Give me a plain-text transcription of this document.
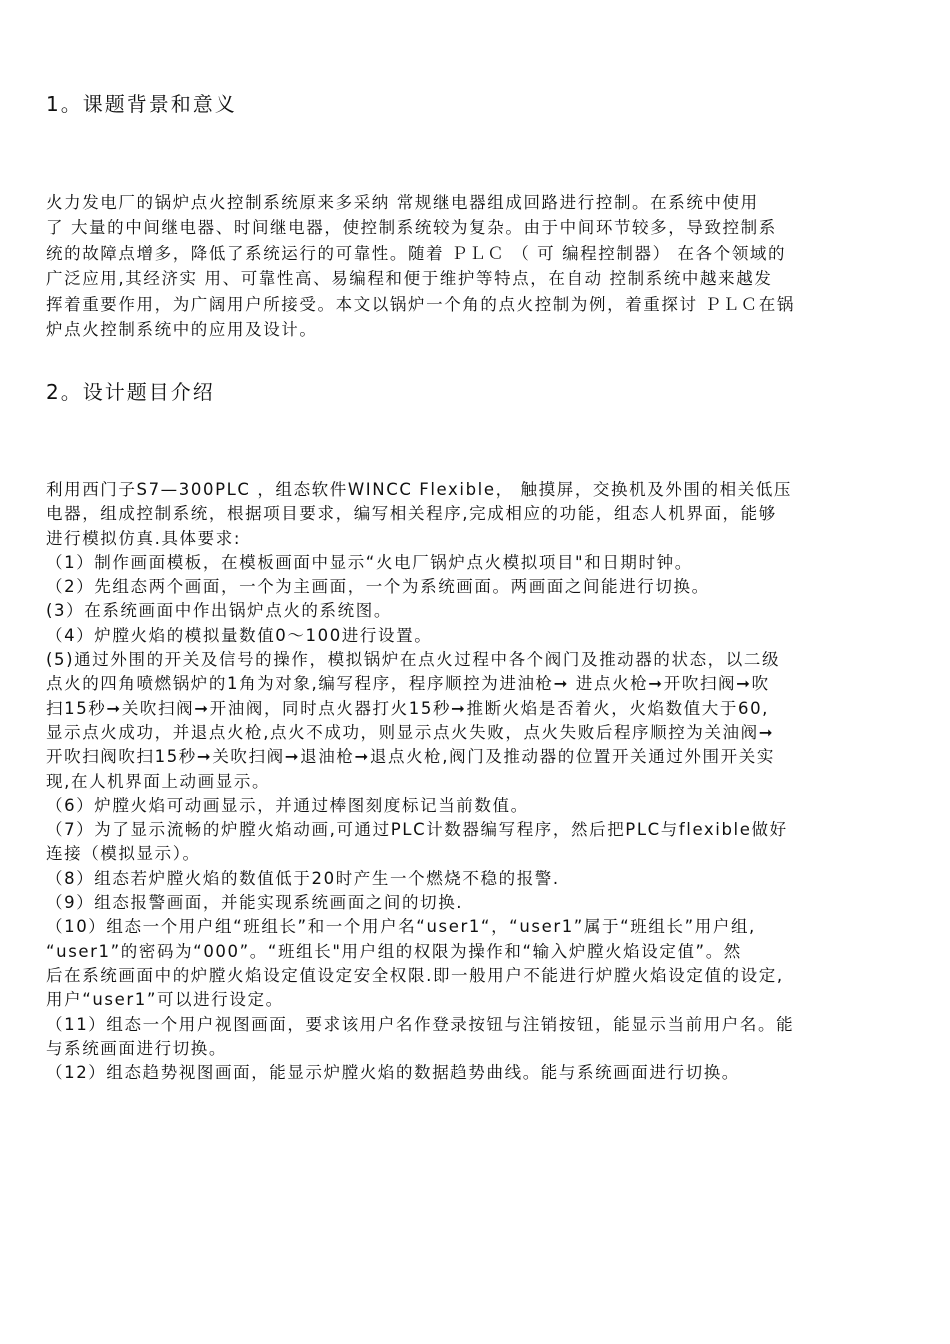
1。课题背景和意义
火力发电厂的锅炉点火控制系统原来多采纳 常规继电器组成回路进行控制。在系统中使用
了 大量的中间继电器、时间继电器，使控制系统较为复杂。由于中间环节较多，导致控制系
统的故障点增多，降低了系统运行的可靠性。随着 ＰＬＣ （ 可 编程控制器） 在各个领域的
广泛应用,其经济实 用、可靠性高、易编程和便于维护等特点，在自动 控制系统中越来越发
挥着重要作用，为广阔用户所接受。本文以锅炉一个角的点火控制为例，着重探讨 ＰＬＣ在锅
炉点火控制系统中的应用及设计。
2。设计题目介绍
利用西门子S7—300PLC ，组态软件WINCC Flexible， 触摸屏，交换机及外围的相关低压
电器，组成控制系统，根据项目要求，编写相关程序,完成相应的功能，组态人机界面，能够
进行模拟仿真.具体要求:
（1）制作画面模板，在模板画面中显示“火电厂锅炉点火模拟项目"和日期时钟。
（2）先组态两个画面，一个为主画面，一个为系统画面。两画面之间能进行切换。
(3）在系统画面中作出锅炉点火的系统图。
（4）炉膛火焰的模拟量数值0～100进行设置。
(5)通过外围的开关及信号的操作，模拟锅炉在点火过程中各个阀门及推动器的状态，以二级
点火的四角喷燃锅炉的1角为对象,编写程序，程序顺控为进油枪➞ 进点火枪➞开吹扫阀➞吹
扫15秒➞关吹扫阀➞开油阀，同时点火器打火15秒➞推断火焰是否着火，火焰数值大于60,
显示点火成功，并退点火枪,点火不成功，则显示点火失败，点火失败后程序顺控为关油阀➞
开吹扫阀吹扫15秒➞关吹扫阀➞退油枪➞退点火枪,阀门及推动器的位置开关通过外围开关实
现,在人机界面上动画显示。
（6）炉膛火焰可动画显示，并通过棒图刻度标记当前数值。
（7）为了显示流畅的炉膛火焰动画,可通过PLC计数器编写程序，然后把PLC与flexible做好
连接（模拟显示）。
（8）组态若炉膛火焰的数值低于20时产生一个燃烧不稳的报警.
（9）组态报警画面，并能实现系统画面之间的切换.
（10）组态一个用户组“班组长”和一个用户名“user1“，“user1”属于“班组长”用户组,
“user1”的密码为“000”。“班组长"用户组的权限为操作和“输入炉膛火焰设定值”。然
后在系统画面中的炉膛火焰设定值设定安全权限.即一般用户不能进行炉膛火焰设定值的设定,
用户“user1”可以进行设定。
（11）组态一个用户视图画面，要求该用户名作登录按钮与注销按钮，能显示当前用户名。能
与系统画面进行切换。
（12）组态趋势视图画面，能显示炉膛火焰的数据趋势曲线。能与系统画面进行切换。
